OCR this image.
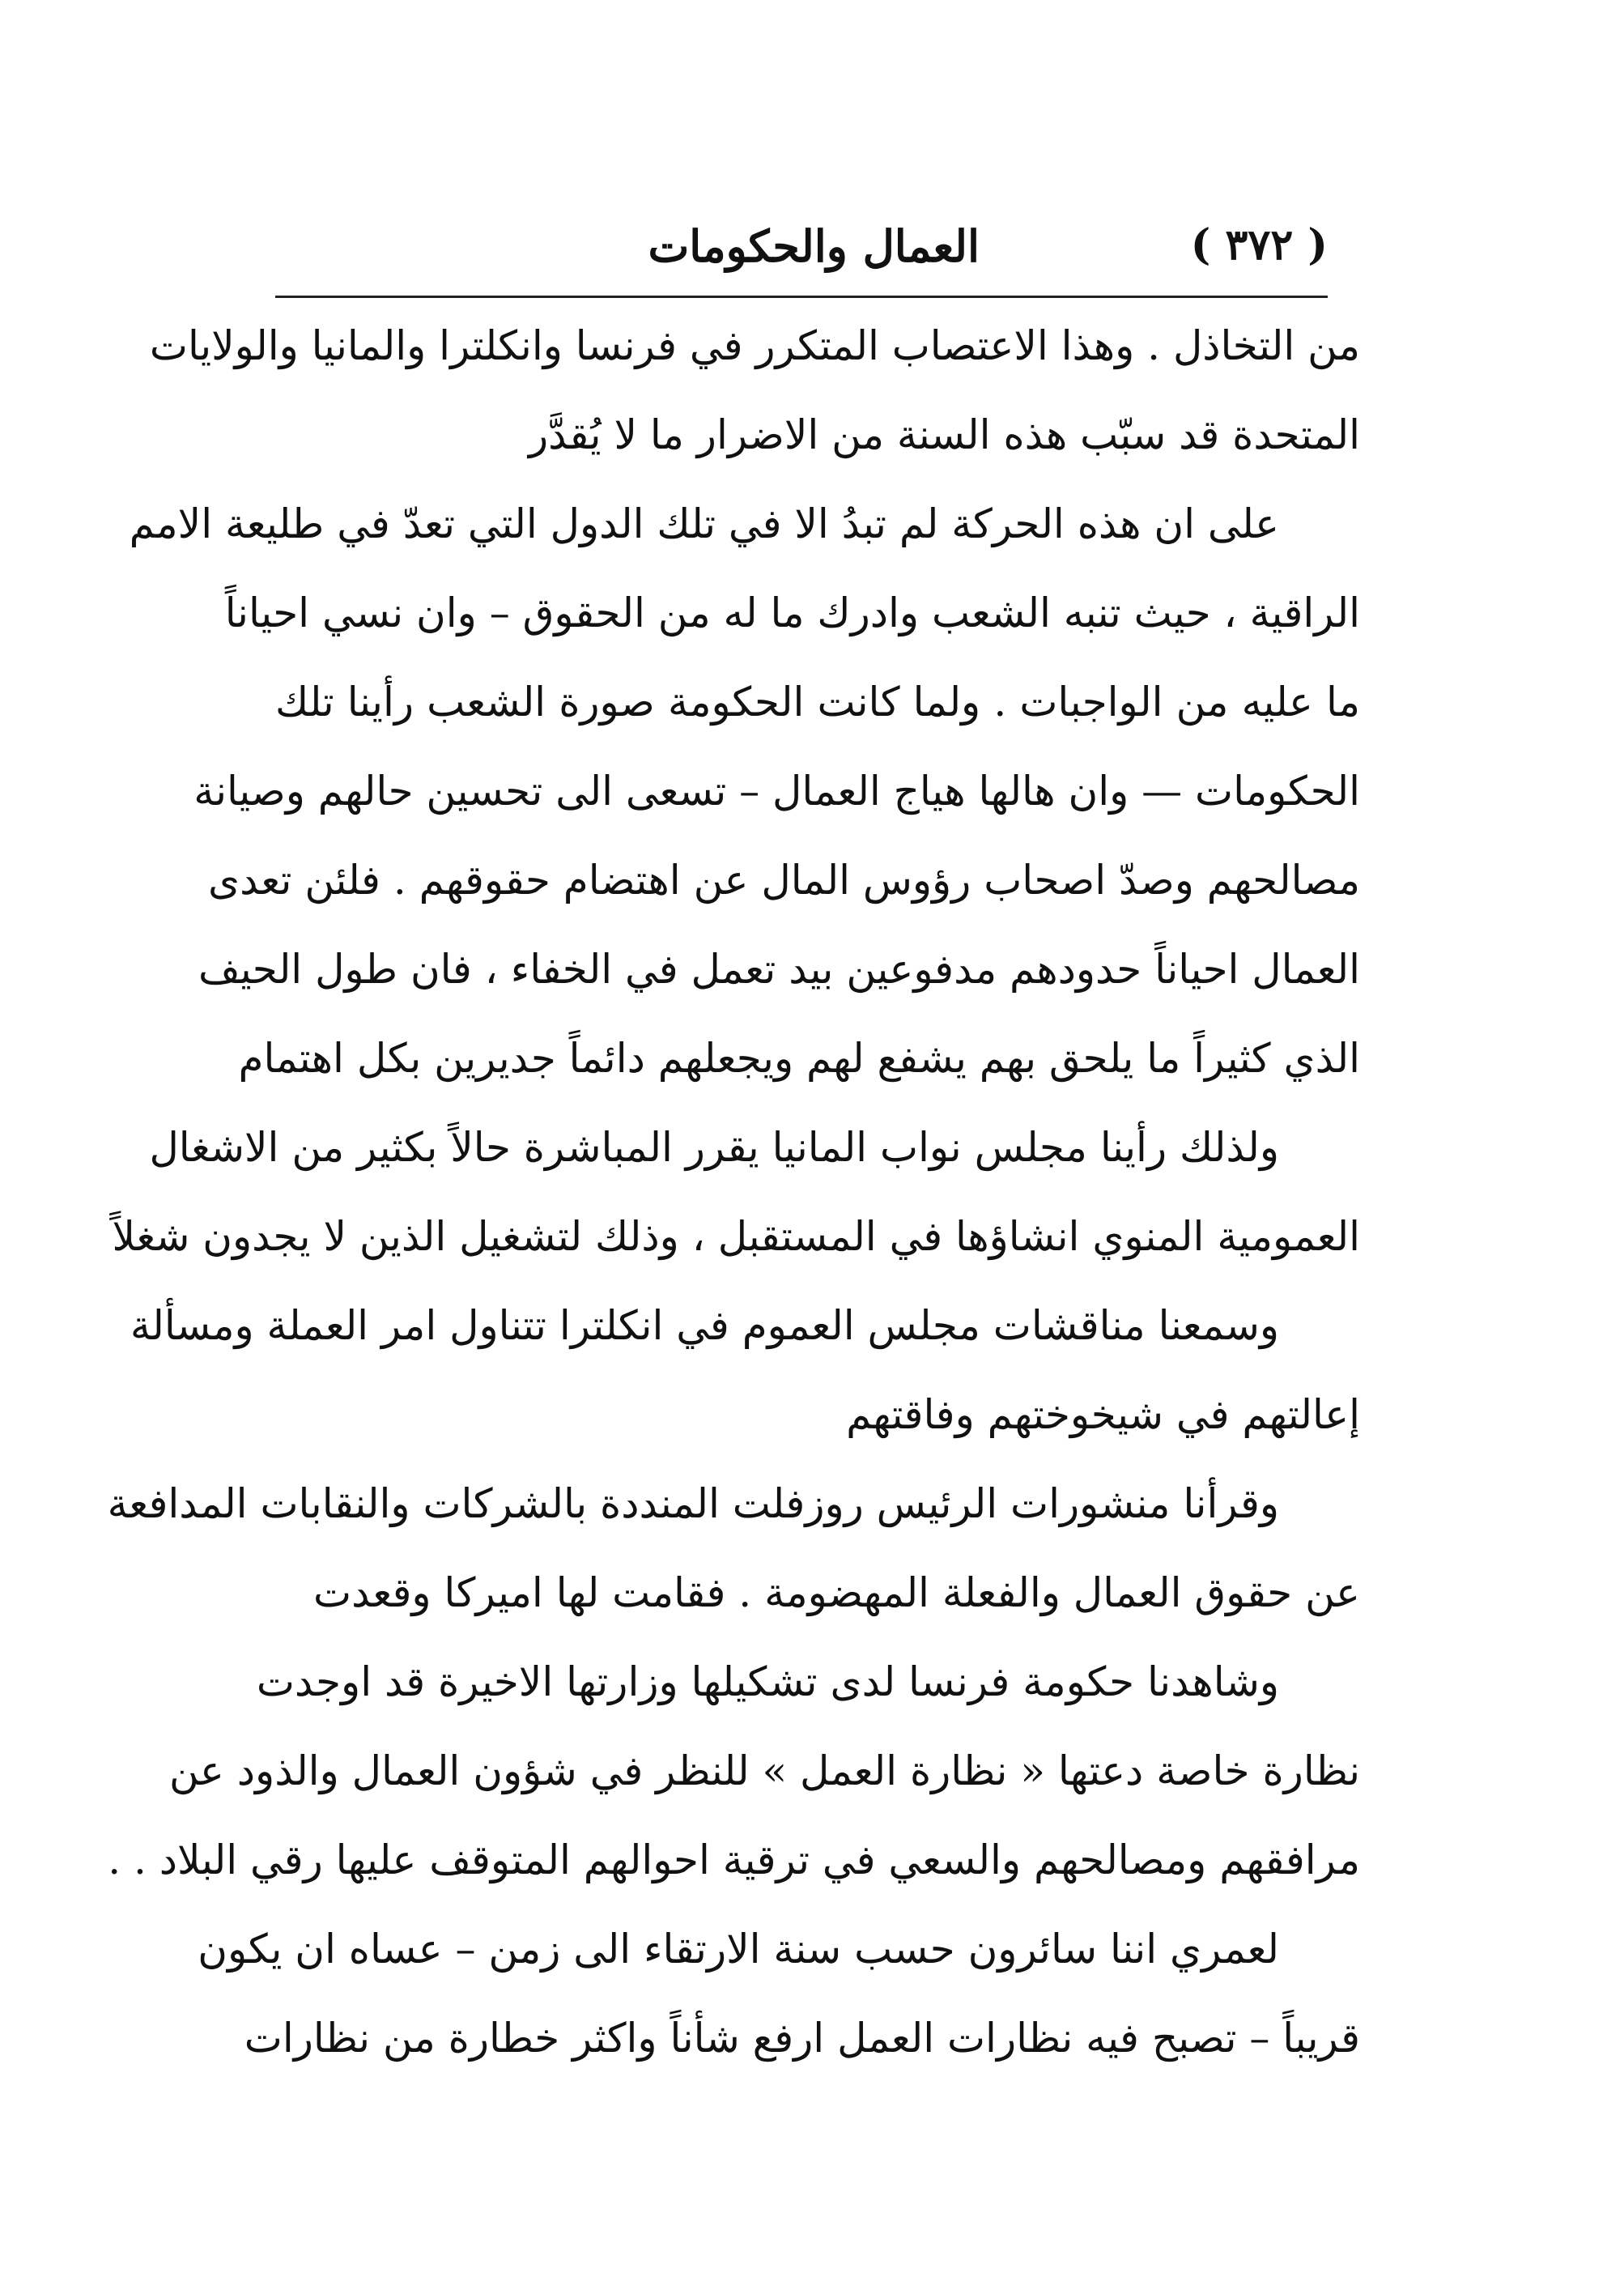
( ٣٧٢ )
العمال والحكومات
من التخاذل . وهذا الاعتصاب المتكرر في فرنسا وانكلترا والمانيا والولايات
المتحدة قد سبّب هذه السنة من الاضرار ما لا يُقدَّر
على ان هذه الحركة لم تبدُ الا في تلك الدول التي تعدّ في طليعة الامم
الراقية ، حيث تنبه الشعب وادرك ما له من الحقوق – وان نسي احياناً
ما عليه من الواجبات . ولما كانت الحكومة صورة الشعب رأينا تلك
الحكومات — وان هالها هياج العمال – تسعى الى تحسين حالهم وصيانة
مصالحهم وصدّ اصحاب رؤوس المال عن اهتضام حقوقهم . فلئن تعدى
العمال احياناً حدودهم مدفوعين بيد تعمل في الخفاء ، فان طول الحيف
الذي كثيراً ما يلحق بهم يشفع لهم ويجعلهم دائماً جديرين بكل اهتمام
ولذلك رأينا مجلس نواب المانيا يقرر المباشرة حالاً بكثير من الاشغال
العمومية المنوي انشاؤها في المستقبل ، وذلك لتشغيل الذين لا يجدون شغلاً
وسمعنا مناقشات مجلس العموم في انكلترا تتناول امر العملة ومسألة
إعالتهم في شيخوختهم وفاقتهم
وقرأنا منشورات الرئيس روزفلت المنددة بالشركات والنقابات المدافعة
عن حقوق العمال والفعلة المهضومة . فقامت لها اميركا وقعدت
وشاهدنا حكومة فرنسا لدى تشكيلها وزارتها الاخيرة قد اوجدت
نظارة خاصة دعتها « نظارة العمل » للنظر في شؤون العمال والذود عن
مرافقهم ومصالحهم والسعي في ترقية احوالهم المتوقف عليها رقي البلاد . .
لعمري اننا سائرون حسب سنة الارتقاء الى زمن – عساه ان يكون
قريباً – تصبح فيه نظارات العمل ارفع شأناً واكثر خطارة من نظارات
